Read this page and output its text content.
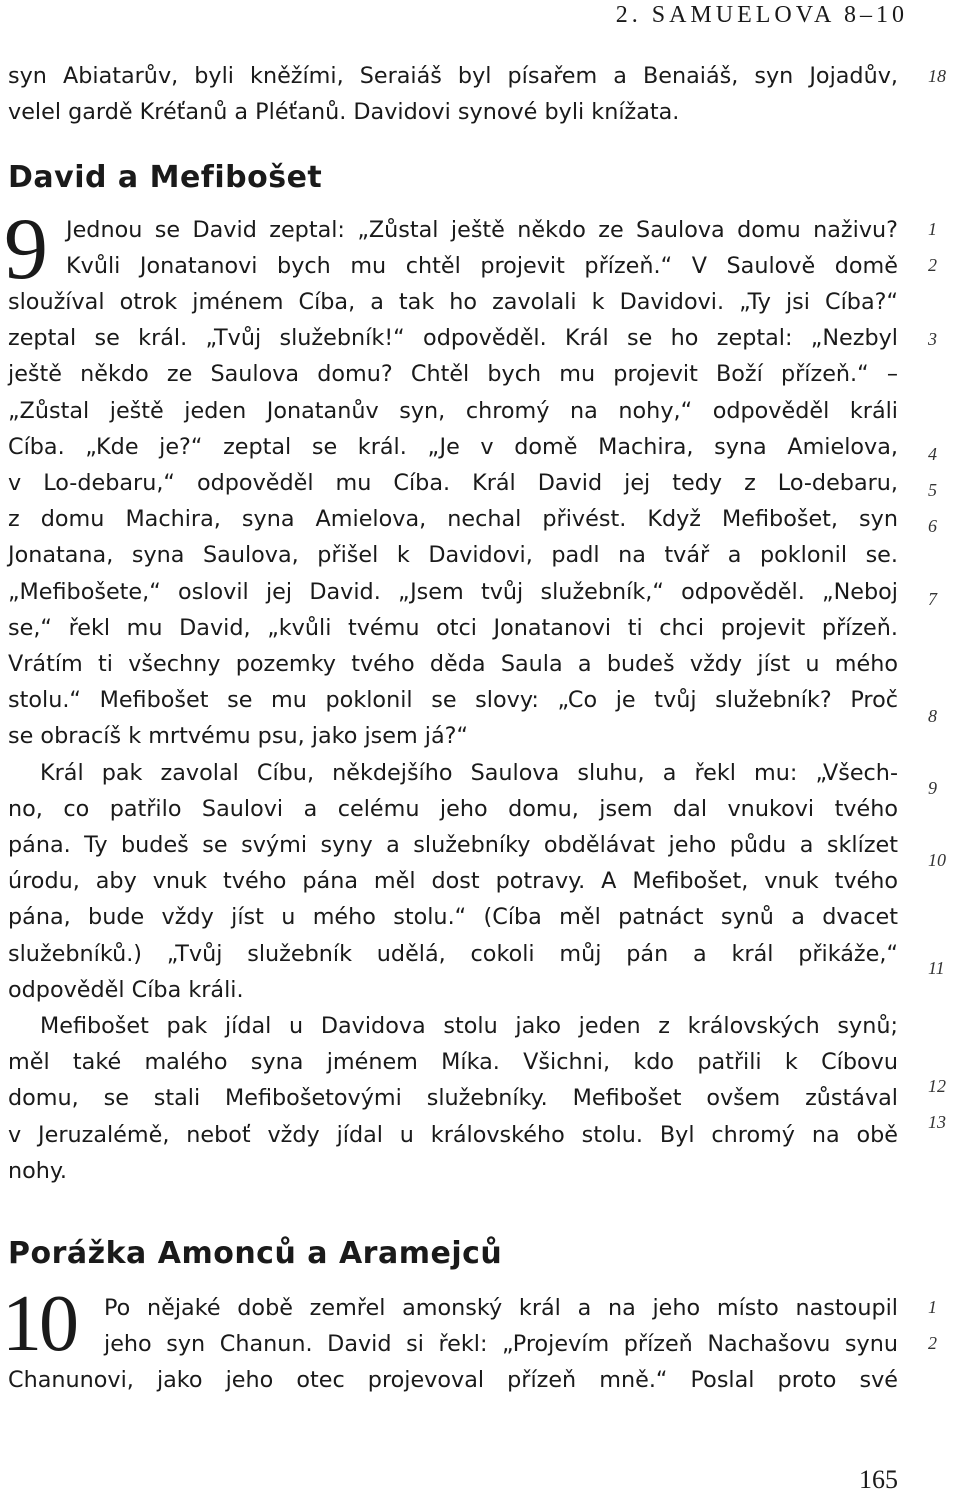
2. SAMUELOVA 8–10
syn Abiatarův, byli kněžími, Seraiáš byl písařem a Benaiáš, syn Jojadův,
velel gardě Kréťanů a Pléťanů. Davidovi synové byli knížata.
David a Mefibošet
9 Jednou se David zeptal: „Zůstal ještě někdo ze Saulova domu naživu?
Kvůli Jonatanovi bych mu chtěl projevit přízeň.“ V Saulově domě
sloužíval otrok jménem Cíba, a tak ho zavolali k Davidovi. „Ty jsi Cíba?“
zeptal se král. „Tvůj služebník!“ odpověděl. Král se ho zeptal: „Nezbyl
ještě někdo ze Saulova domu? Chtěl bych mu projevit Boží přízeň.“ –
„Zůstal ještě jeden Jonatanův syn, chromý na nohy,“ odpověděl králi
Cíba. „Kde je?“ zeptal se král. „Je v domě Machira, syna Amielova,
v Lo-debaru,“ odpověděl mu Cíba. Král David jej tedy z Lo-debaru,
z domu Machira, syna Amielova, nechal přivést. Když Mefibošet, syn
Jonatana, syna Saulova, přišel k Davidovi, padl na tvář a poklonil se.
„Mefibošete,“ oslovil jej David. „Jsem tvůj služebník,“ odpověděl. „Neboj
se,“ řekl mu David, „kvůli tvému otci Jonatanovi ti chci projevit přízeň.
Vrátím ti všechny pozemky tvého děda Saula a budeš vždy jíst u mého
stolu.“ Mefibošet se mu poklonil se slovy: „Co je tvůj služebník? Proč
se obracíš k mrtvému psu, jako jsem já?“
Král pak zavolal Cíbu, někdejšího Saulova sluhu, a řekl mu: „Všech-
no, co patřilo Saulovi a celému jeho domu, jsem dal vnukovi tvého
pána. Ty budeš se svými syny a služebníky obdělávat jeho půdu a sklízet
úrodu, aby vnuk tvého pána měl dost potravy. A Mefibošet, vnuk tvého
pána, bude vždy jíst u mého stolu.“ (Cíba měl patnáct synů a dvacet
služebníků.) „Tvůj služebník udělá, cokoli můj pán a král přikáže,“
odpověděl Cíba králi.
Mefibošet pak jídal u Davidova stolu jako jeden z královských synů;
měl také malého syna jménem Míka. Všichni, kdo patřili k Cíbovu
domu, se stali Mefibošetovými služebníky. Mefibošet ovšem zůstával
v Jeruzalémě, neboť vždy jídal u královského stolu. Byl chromý na obě
nohy.
Porážka Amonců a Aramejců
10 Po nějaké době zemřel amonský král a na jeho místo nastoupil
jeho syn Chanun. David si řekl: „Projevím přízeň Nachašovu synu
Chanunovi, jako jeho otec projevoval přízeň mně.“ Poslal proto své
18
1
2
3
4
5
6
7
8
9
10
11
12
13
1
2
165
